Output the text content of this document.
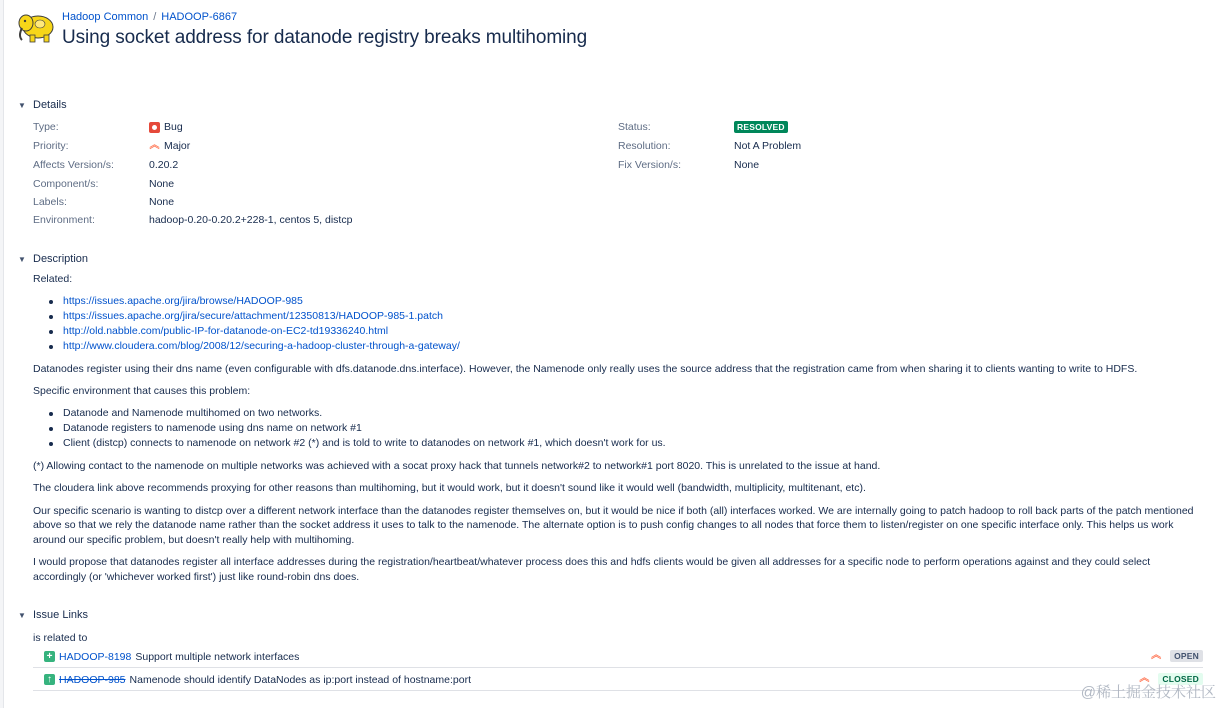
Hadoop Common / HADOOP-6867
Using socket address for datanode registry breaks multihoming
▼ Details
Type:	Bug
Priority:	︽ Major
Affects Version/s:	0.20.2
Component/s:	None
Labels:	None
Environment:	hadoop-0.20-0.20.2+228-1, centos 5, distcp
Status:	RESOLVED
Resolution:	Not A Problem
Fix Version/s:	None
▼ Description

Related:

https://issues.apache.org/jira/browse/HADOOP-985
https://issues.apache.org/jira/secure/attachment/12350813/HADOOP-985-1.patch
http://old.nabble.com/public-IP-for-datanode-on-EC2-td19336240.html
http://www.cloudera.com/blog/2008/12/securing-a-hadoop-cluster-through-a-gateway/

Datanodes register using their dns name (even configurable with dfs.datanode.dns.interface). However, the Namenode only really uses the source address that the registration came from when sharing it to clients wanting to write to HDFS.

Specific environment that causes this problem:

Datanode and Namenode multihomed on two networks.
Datanode registers to namenode using dns name on network #1
Client (distcp) connects to namenode on network #2 (*) and is told to write to datanodes on network #1, which doesn't work for us.

(*) Allowing contact to the namenode on multiple networks was achieved with a socat proxy hack that tunnels network#2 to network#1 port 8020. This is unrelated to the issue at hand.

The cloudera link above recommends proxying for other reasons than multihoming, but it would work, but it doesn't sound like it would well (bandwidth, multiplicity, multitenant, etc).

Our specific scenario is wanting to distcp over a different network interface than the datanodes register themselves on, but it would be nice if both (all) interfaces worked. We are internally going to patch hadoop to roll back parts of the patch mentioned above so that we rely the datanode name rather than the socket address it uses to talk to the namenode. The alternate option is to push config changes to all nodes that force them to listen/register on one specific interface only. This helps us work around our specific problem, but doesn't really help with multihoming.

I would propose that datanodes register all interface addresses during the registration/heartbeat/whatever process does this and hdfs clients would be given all addresses for a specific node to perform operations against and they could select accordingly (or 'whichever worked first') just like round-robin dns does.

▼ Issue Links
is related to
+ HADOOP-8198 Support multiple network interfaces	︽	OPEN
↑ HADOOP-985 Namenode should identify DataNodes as ip:port instead of hostname:port	︽	CLOSED
@稀土掘金技术社区
